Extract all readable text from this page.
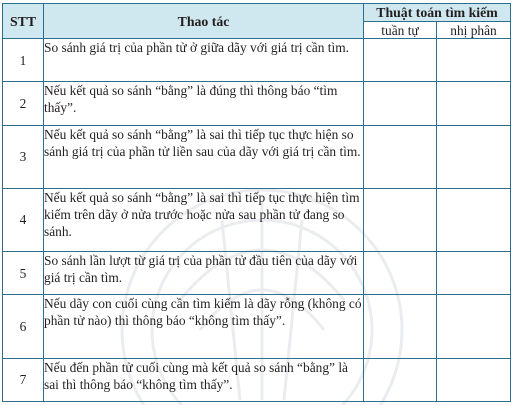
STT	Thao tác	Thuật toán tìm kiếm	
		tuần tự	nhị phân
1	So sánh giá trị của phần tử ở giữa dãy với giá trị cần tìm.		
2	Nếu kết quả so sánh “bằng” là đúng thì thông báo “tìm thấy”.		
3	Nếu kết quả so sánh “bằng” là sai thì tiếp tục thực hiện so sánh giá trị của phần tử liền sau của dãy với giá trị cần tìm.		
4	Nếu kết quả so sánh “bằng” là sai thì tiếp tục thực hiện tìm kiếm trên dãy ở nửa trước hoặc nửa sau phần tử đang so sánh.		
5	So sánh lần lượt từ giá trị của phần tử đầu tiên của dãy với giá trị cần tìm.		
6	Nếu dãy con cuối cùng cần tìm kiếm là dãy rỗng (không có phần tử nào) thì thông báo “không tìm thấy”.		
7	Nếu đến phần tử cuối cùng mà kết quả so sánh “bằng” là sai thì thông báo “không tìm thấy”.		
